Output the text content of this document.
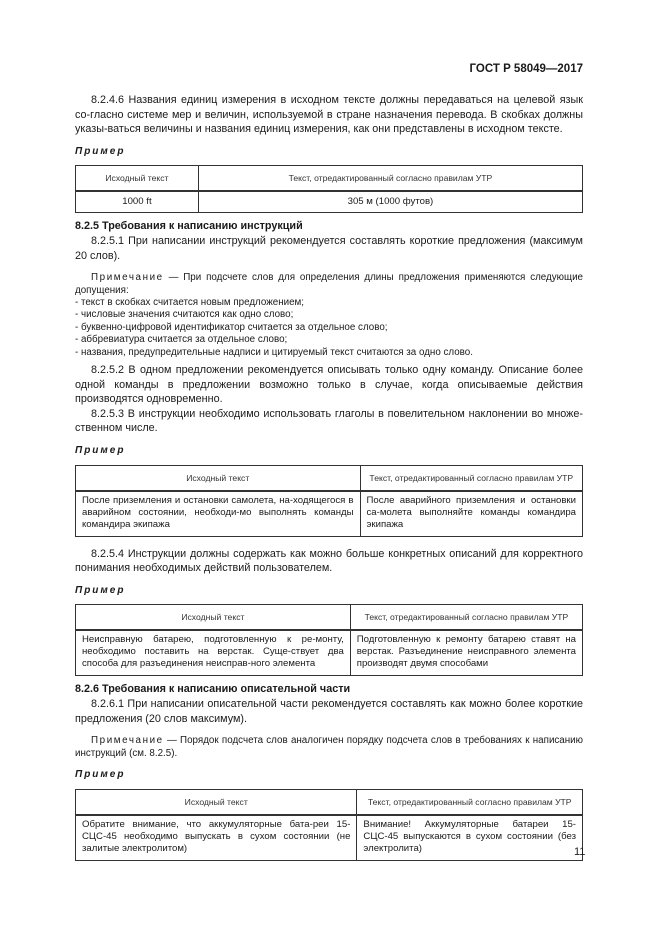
ГОСТ Р 58049—2017

8.2.4.6 Названия единиц измерения в исходном тексте должны передаваться на целевой язык со-гласно системе мер и величин, используемой в стране назначения перевода. В скобках должны указы-ваться величины и названия единиц измерения, как они представлены в исходном тексте.

Пример
Исходный текст	Текст, отредактированный согласно правилам УТР
1000 ft	305 м (1000 футов)

8.2.5 Требования к написанию инструкций

8.2.5.1 При написании инструкций рекомендуется составлять короткие предложения (максимум 20 слов).

Примечание — При подсчете слов для определения длины предложения применяются следующие допущения:

- текст в скобках считается новым предложением;
- числовые значения считаются как одно слово;
- буквенно-цифровой идентификатор считается за отдельное слово;
- аббревиатура считается за отдельное слово;
- названия, предупредительные надписи и цитируемый текст считаются за одно слово.

8.2.5.2 В одном предложении рекомендуется описывать только одну команду. Описание более одной команды в предложении возможно только в случае, когда описываемые действия производятся одновременно.

8.2.5.3 В инструкции необходимо использовать глаголы в повелительном наклонении во множе-ственном числе.

Пример
Исходный текст	Текст, отредактированный согласно правилам УТР
После приземления и остановки самолета, на-ходящегося в аварийном состоянии, необходи-мо выполнять команды командира экипажа	После аварийного приземления и остановки са-молета выполняйте команды командира экипажа

8.2.5.4 Инструкции должны содержать как можно больше конкретных описаний для корректного понимания необходимых действий пользователем.

Пример
Исходный текст	Текст, отредактированный согласно правилам УТР
Неисправную батарею, подготовленную к ре-монту, необходимо поставить на верстак. Суще-ствует два способа для разъединения неисправ-ного элемента	Подготовленную к ремонту батарею ставят на верстак. Разъединение неисправного элемента производят двумя способами

8.2.6 Требования к написанию описательной части

8.2.6.1 При написании описательной части рекомендуется составлять как можно более короткие предложения (20 слов максимум).

Примечание — Порядок подсчета слов аналогичен порядку подсчета слов в требованиях к написанию инструкций (см. 8.2.5).

Пример
Исходный текст	Текст, отредактированный согласно правилам УТР
Обратите внимание, что аккумуляторные бата-реи 15-СЦС-45 необходимо выпускать в сухом состоянии (не залитые электролитом)	Внимание! Аккумуляторные батареи 15-СЦС-45 выпускаются в сухом состоянии (без электролита)	11
